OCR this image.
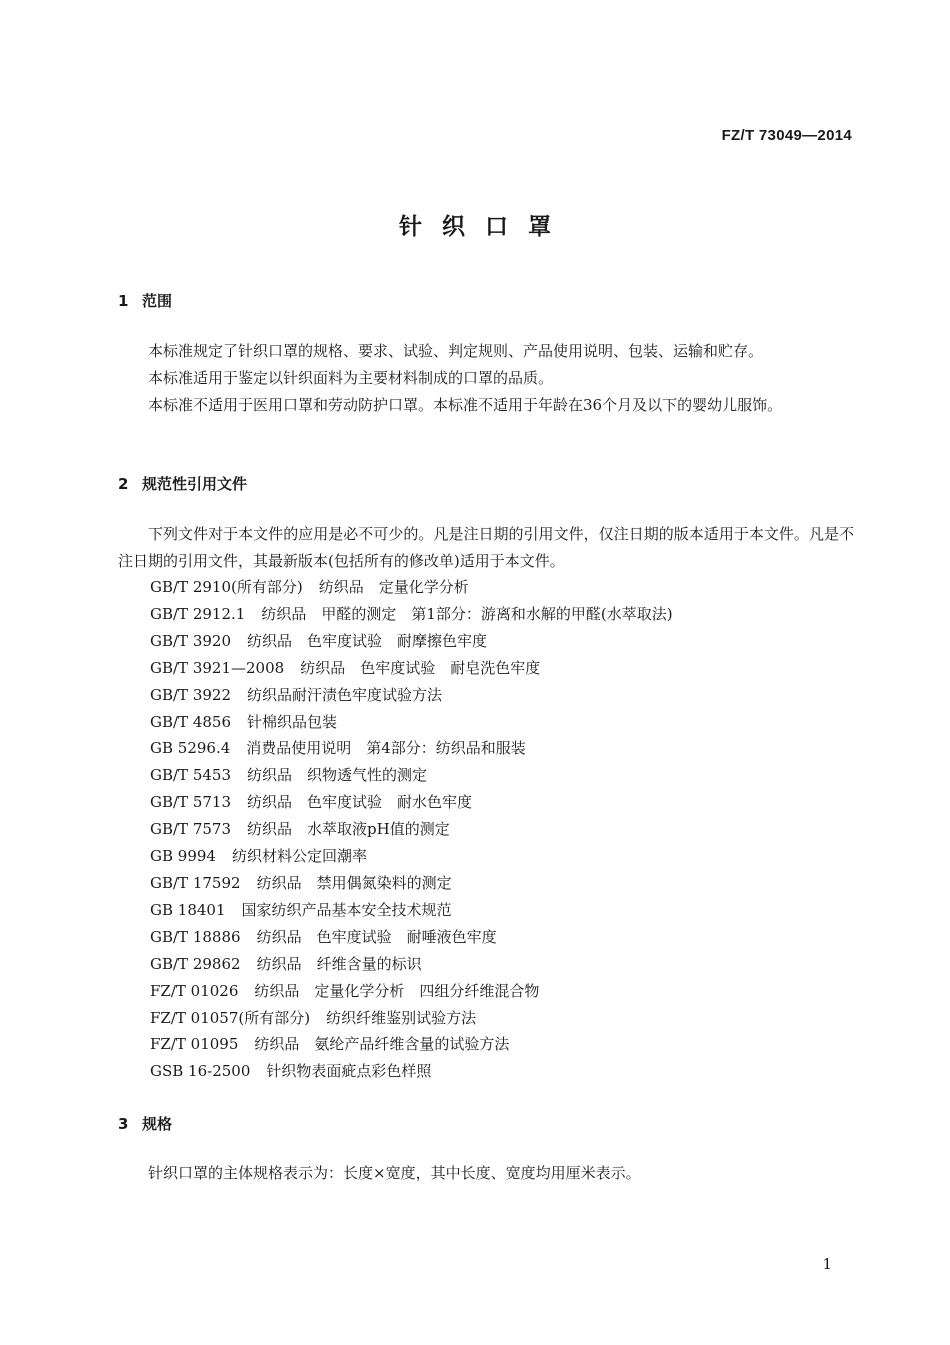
FZ/T 73049—2014
针织口罩
1 范围

本标准规定了针织口罩的规格、要求、试验、判定规则、产品使用说明、包装、运输和贮存。

本标准适用于鉴定以针织面料为主要材料制成的口罩的品质。

本标准不适用于医用口罩和劳动防护口罩。本标准不适用于年龄在36个月及以下的婴幼儿服饰。

2 规范性引用文件

下列文件对于本文件的应用是必不可少的。凡是注日期的引用文件，仅注日期的版本适用于本文件。凡是不注日期的引用文件，其最新版本(包括所有的修改单)适用于本文件。

GB/T 2910(所有部分) 纺织品　定量化学分析
GB/T 2912.1 纺织品　甲醛的测定　第1部分：游离和水解的甲醛(水萃取法)
GB/T 3920 纺织品　色牢度试验　耐摩擦色牢度
GB/T 3921—2008 纺织品　色牢度试验　耐皂洗色牢度
GB/T 3922 纺织品耐汗渍色牢度试验方法
GB/T 4856 针棉织品包装
GB 5296.4 消费品使用说明　第4部分：纺织品和服装
GB/T 5453 纺织品　织物透气性的测定
GB/T 5713 纺织品　色牢度试验　耐水色牢度
GB/T 7573 纺织品　水萃取液pH值的测定
GB 9994 纺织材料公定回潮率
GB/T 17592 纺织品　禁用偶氮染料的测定
GB 18401 国家纺织产品基本安全技术规范
GB/T 18886 纺织品　色牢度试验　耐唾液色牢度
GB/T 29862 纺织品　纤维含量的标识
FZ/T 01026 纺织品　定量化学分析　四组分纤维混合物
FZ/T 01057(所有部分) 纺织纤维鉴别试验方法
FZ/T 01095 纺织品　氨纶产品纤维含量的试验方法
GSB 16-2500 针织物表面疵点彩色样照
3 规格

针织口罩的主体规格表示为：长度×宽度，其中长度、宽度均用厘米表示。

1
